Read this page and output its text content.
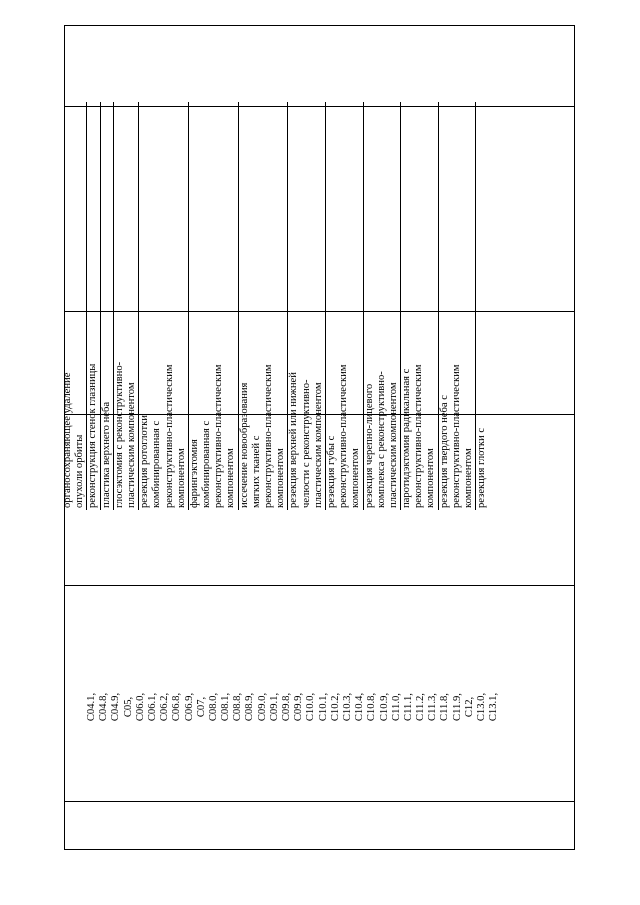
C04.1, C04.8, C04.9, C05, C06.0, C06.1, C06.2, C06.8, C06.9, C07, C08.0, C08.1, C08.8, C08.9, C09.0, C09.1, C09.8, C09.9, C10.0, C10.1, C10.2, C10.3, C10.4, C10.8, C10.9, C11.0, C11.1, C11.2, C11.3, C11.8, C11.9, C12, C13.0, C13.1,
органосохраняющее удаление опухоли орбиты реконструкция стенок глазницы пластика верхнего неба глосэктомия с реконструктивно- пластическим компонентом резекция ротоглотки комбинированная с реконструктивно-пластическим компонентом фарингэктомия комбинированная с реконструктивно-пластическим компонентом иссечение новообразования мягких тканей с реконструктивно-пластическим компонентом резекция верхней или нижней челюсти с реконструктивно- пластическим компонентом резекция губы с реконструктивно-пластическим компонентом резекция черепно-лицевого комплекса с реконструктивно- пластическим компонентом паротидэктомия радикальная с реконструктивно-пластическим компонентом резекция твердого неба с реконструктивно-пластическим компонентом резекция глотки с
